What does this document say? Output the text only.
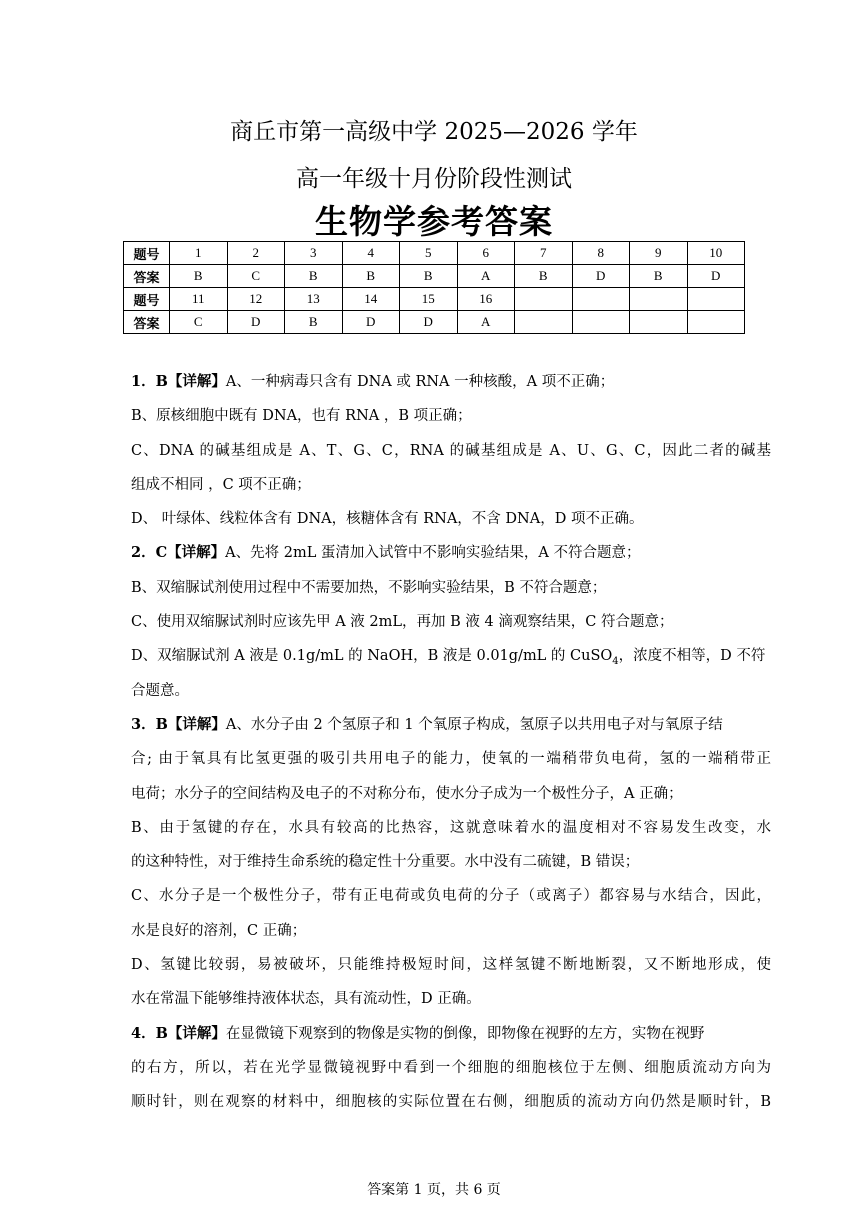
商丘市第一高级中学 2025—2026 学年
高一年级十月份阶段性测试
生物学参考答案
题号	1	2	3	4	5	6	7	8	9	10
答案	B	C	B	B	B	A	B	D	B	D
题号	11	12	13	14	15	16				
答案	C	D	B	D	D	A				
1．B【详解】A、一种病毒只含有 DNA 或 RNA 一种核酸，A 项不正确；
B、原核细胞中既有 DNA，也有 RNA ，B 项正确；
C、DNA 的碱基组成是 A、T、G、C，RNA 的碱基组成是 A、U、G、C，因此二者的碱基
组成不相同 ，C 项不正确；
D、 叶绿体、线粒体含有 DNA，核糖体含有 RNA，不含 DNA，D 项不正确。
2．C【详解】A、先将 2mL 蛋清加入试管中不影响实验结果，A 不符合题意；
B、双缩脲试剂使用过程中不需要加热，不影响实验结果，B 不符合题意；
C、使用双缩脲试剂时应该先甲 A 液 2mL，再加 B 液 4 滴观察结果，C 符合题意；
D、双缩脲试剂 A 液是 0.1g/mL 的 NaOH，B 液是 0.01g/mL 的 CuSO$_4$，浓度不相等，D 不符
合题意。
3．B【详解】A、水分子由 2 个氢原子和 1 个氧原子构成，氢原子以共用电子对与氧原子结
合; 由于氧具有比氢更强的吸引共用电子的能力，使氧的一端稍带负电荷，氢的一端稍带正
电荷；水分子的空间结构及电子的不对称分布，使水分子成为一个极性分子，A 正确；
B、由于氢键的存在，水具有较高的比热容，这就意味着水的温度相对不容易发生改变，水
的这种特性，对于维持生命系统的稳定性十分重要。水中没有二硫键，B 错误；
C、水分子是一个极性分子，带有正电荷或负电荷的分子（或离子）都容易与水结合，因此，
水是良好的溶剂，C 正确；
D、氢键比较弱，易被破坏，只能维持极短时间，这样氢键不断地断裂，又不断地形成，使
水在常温下能够维持液体状态，具有流动性，D 正确。
4．B【详解】在显微镜下观察到的物像是实物的倒像，即物像在视野的左方，实物在视野
的右方，所以，若在光学显微镜视野中看到一个细胞的细胞核位于左侧、细胞质流动方向为
顺时针，则在观察的材料中，细胞核的实际位置在右侧，细胞质的流动方向仍然是顺时针，B
答案第 1 页，共 6 页
